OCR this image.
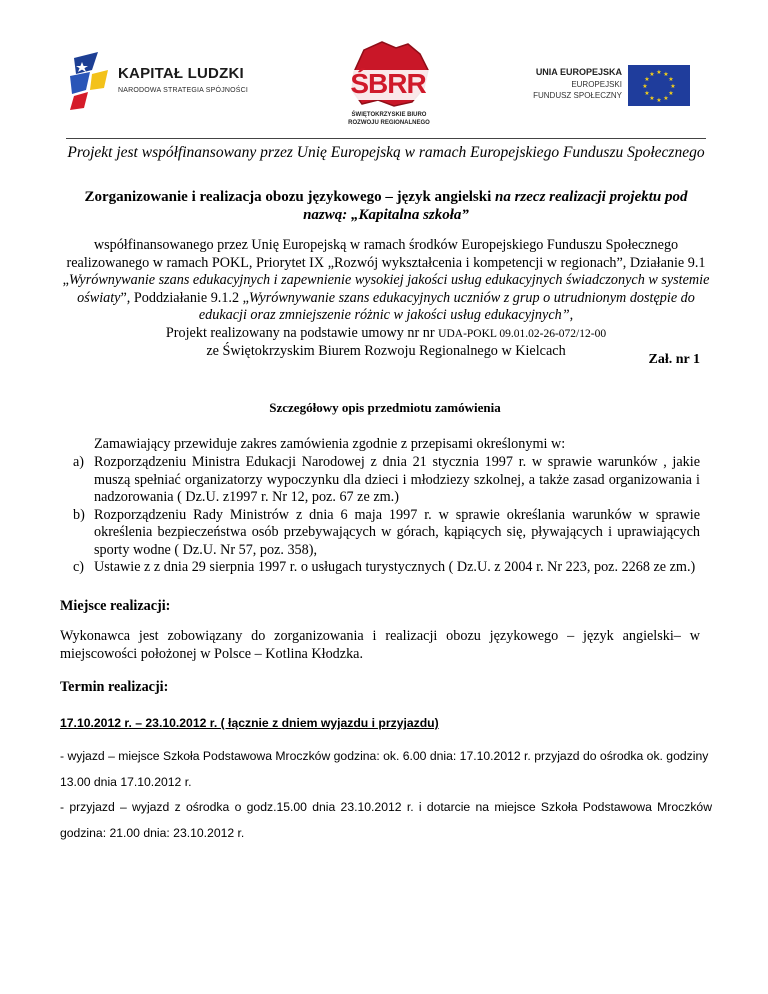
KAPITAŁ LUDZKI
NARODOWA STRATEGIA SPÓJNOŚCI	ŚBRR
ŚWIĘTOKRZYSKIE BIURO
ROZWOJU REGIONALNEGO
UNIA EUROPEJSKA
EUROPEJSKI
FUNDUSZ SPOŁECZNY
★ ★
★
★
★
★
★
★
★
★
★
★
Projekt jest współfinansowany przez Unię Europejską w ramach Europejskiego Funduszu Społecznego
Zorganizowanie i realizacja obozu językowego – język angielski na rzecz realizacji projektu pod nazwą: „Kapitalna szkoła”
współfinansowanego przez Unię Europejską w ramach środków Europejskiego Funduszu Społecznego realizowanego w ramach POKL, Priorytet IX „Rozwój wykształcenia i kompetencji w regionach”, Działanie 9.1 „Wyrównywanie szans edukacyjnych i zapewnienie wysokiej jakości usług edukacyjnych świadczonych w systemie oświaty”, Poddziałanie 9.1.2 „Wyrównywanie szans edukacyjnych uczniów z grup o utrudnionym dostępie do edukacji oraz zmniejszenie różnic w jakości usług edukacyjnych”,
Projekt realizowany na podstawie umowy nr nr UDA-POKL 09.01.02-26-072/12-00
ze Świętokrzyskim Biurem Rozwoju Regionalnego w Kielcach
Zał. nr 1
Szczegółowy opis przedmiotu zamówienia
Zamawiający przewiduje zakres zamówienia zgodnie z przepisami określonymi w:
a) Rozporządzeniu Ministra Edukacji Narodowej z dnia 21 stycznia 1997 r. w sprawie warunków , jakie muszą spełniać organizatorzy wypoczynku dla dzieci i młodziezy szkolnej, a także zasad organizowania i nadzorowania ( Dz.U. z1997 r. Nr 12, poz. 67 ze zm.)
b) Rozporządzeniu Rady Ministrów z dnia 6 maja 1997 r. w sprawie określania warunków w sprawie określenia bezpieczeństwa osób przebywających w górach, kąpiących się, pływających i uprawiających sporty wodne ( Dz.U. Nr 57, poz. 358),
c) Ustawie z z dnia 29 sierpnia 1997 r. o usługach turystycznych ( Dz.U. z 2004 r. Nr 223, poz. 2268 ze zm.)
Miejsce realizacji:
Wykonawca jest zobowiązany do zorganizowania i realizacji obozu językowego – język angielski– w miejscowości położonej w Polsce – Kotlina Kłodzka.
Termin realizacji:
17.10.2012 r. – 23.10.2012 r. ( łącznie z dniem wyjazdu i przyjazdu)
- wyjazd – miejsce Szkoła Podstawowa Mroczków godzina: ok. 6.00 dnia: 17.10.2012 r. przyjazd do ośrodka ok. godziny 13.00 dnia 17.10.2012 r.
- przyjazd – wyjazd z ośrodka o godz.15.00 dnia 23.10.2012 r. i dotarcie na miejsce Szkoła Podstawowa Mroczków godzina: 21.00 dnia: 23.10.2012 r.
